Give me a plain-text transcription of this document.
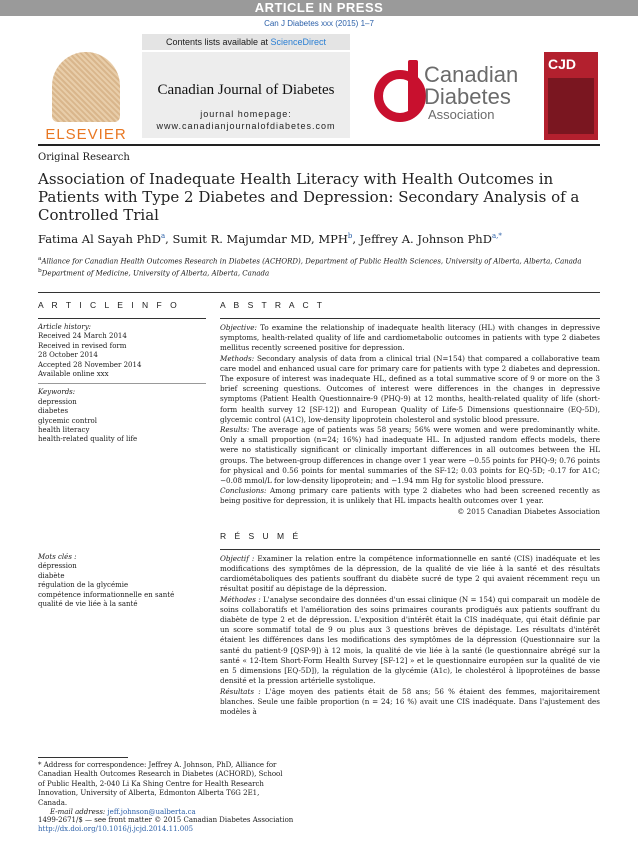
ARTICLE IN PRESS
Can J Diabetes xxx (2015) 1–7
ELSEVIER
Contents lists available at ScienceDirect
Canadian Journal of Diabetes
journal homepage:
www.canadianjournalofdiabetes.com
Canadian
Diabetes
Association
CJD
Original Research
Association of Inadequate Health Literacy with Health Outcomes in Patients with Type 2 Diabetes and Depression: Secondary Analysis of a Controlled Trial
Fatima Al Sayah PhD$^a$, Sumit R. Majumdar MD, MPH$^b$, Jeffrey A. Johnson PhD$^{a,*}$
$^a$Alliance for Canadian Health Outcomes Research in Diabetes (ACHORD), Department of Public Health Sciences, University of Alberta, Alberta, Canada
$^b$Department of Medicine, University of Alberta, Alberta, Canada
A R T I C L E I N F O
Article history:
Received 24 March 2014
Received in revised form
28 October 2014
Accepted 28 November 2014
Available online xxx
Keywords:
depression
diabetes
glycemic control
health literacy
health-related quality of life
Mots clés :
dépression
diabète
régulation de la glycémie
compétence informationnelle en santé
qualité de vie liée à la santé
A B S T R A C T

Objective: To examine the relationship of inadequate health literacy (HL) with changes in depressive symptoms, health-related quality of life and cardiometabolic outcomes in patients with type 2 diabetes mellitus recently screened positive for depression.

Methods: Secondary analysis of data from a clinical trial (N=154) that compared a collaborative team care model and enhanced usual care for primary care for patients with type 2 diabetes and depression. The exposure of interest was inadequate HL, defined as a total summative score of 9 or more on the 3 brief screening questions. Outcomes of interest were differences in the changes in depressive symptoms (Patient Health Questionnaire-9 (PHQ-9) at 12 months, health-related quality of life (short-form health survey 12 [SF-12]) and European Quality of Life-5 Dimensions questionnaire (EQ-5D), glycemic control (A1C), low-density lipoprotein cholesterol and systolic blood pressure.

Results: The average age of patients was 58 years; 56% were women and were predominantly white. Only a small proportion (n=24; 16%) had inadequate HL. In adjusted random effects models, there were no statistically significant or clinically important differences in all outcomes between the HL groups. The between-group differences in change over 1 year were −0.55 points for PHQ-9; 0.76 points for physical and 0.56 points for mental summaries of the SF-12; 0.03 points for EQ-5D; -0.17 for A1C; −0.08 mmol/L for low-density lipoprotein; and −1.94 mm Hg for systolic blood pressure.

Conclusions: Among primary care patients with type 2 diabetes who had been screened recently as being positive for depression, it is unlikely that HL impacts health outcomes over 1 year.

© 2015 Canadian Diabetes Association

R É S U M É

Objectif : Examiner la relation entre la compétence informationnelle en santé (CIS) inadéquate et les modifications des symptômes de la dépression, de la qualité de vie liée à la santé et des résultats cardiométaboliques des patients souffrant du diabète sucré de type 2 qui avaient récemment reçu un résultat positif au dépistage de la dépression.

Méthodes : L'analyse secondaire des données d'un essai clinique (N = 154) qui comparait un modèle de soins collaboratifs et l'amélioration des soins primaires courants prodigués aux patients souffrant du diabète de type 2 et de dépression. L'exposition d'intérêt était la CIS inadéquate, qui était définie par un score sommatif total de 9 ou plus aux 3 questions brèves de dépistage. Les résultats d'intérêt étaient les différences dans les modifications des symptômes de la dépression (Questionnaire sur la santé du patient-9 [QSP-9]) à 12 mois, la qualité de vie liée à la santé (le questionnaire abrégé sur la santé « 12-Item Short-Form Health Survey [SF-12] » et le questionnaire européen sur la qualité de vie en 5 dimensions [EQ-5D]), la régulation de la glycémie (A1c), le cholestérol à lipoprotéines de basse densité et la pression artérielle systolique.

Résultats : L'âge moyen des patients était de 58 ans; 56 % étaient des femmes, majoritairement blanches. Seule une faible proportion (n = 24; 16 %) avait une CIS inadéquate. Dans l'ajustement des modèles à

* Address for correspondence: Jeffrey A. Johnson, PhD, Alliance for Canadian Health Outcomes Research in Diabetes (ACHORD), School of Public Health, 2-040 Li Ka Shing Centre for Health Research Innovation, University of Alberta, Edmonton Alberta T6G 2E1, Canada.
E-mail address: jeff.johnson@ualberta.ca
1499-2671/$ — see front matter © 2015 Canadian Diabetes Association
http://dx.doi.org/10.1016/j.jcjd.2014.11.005
